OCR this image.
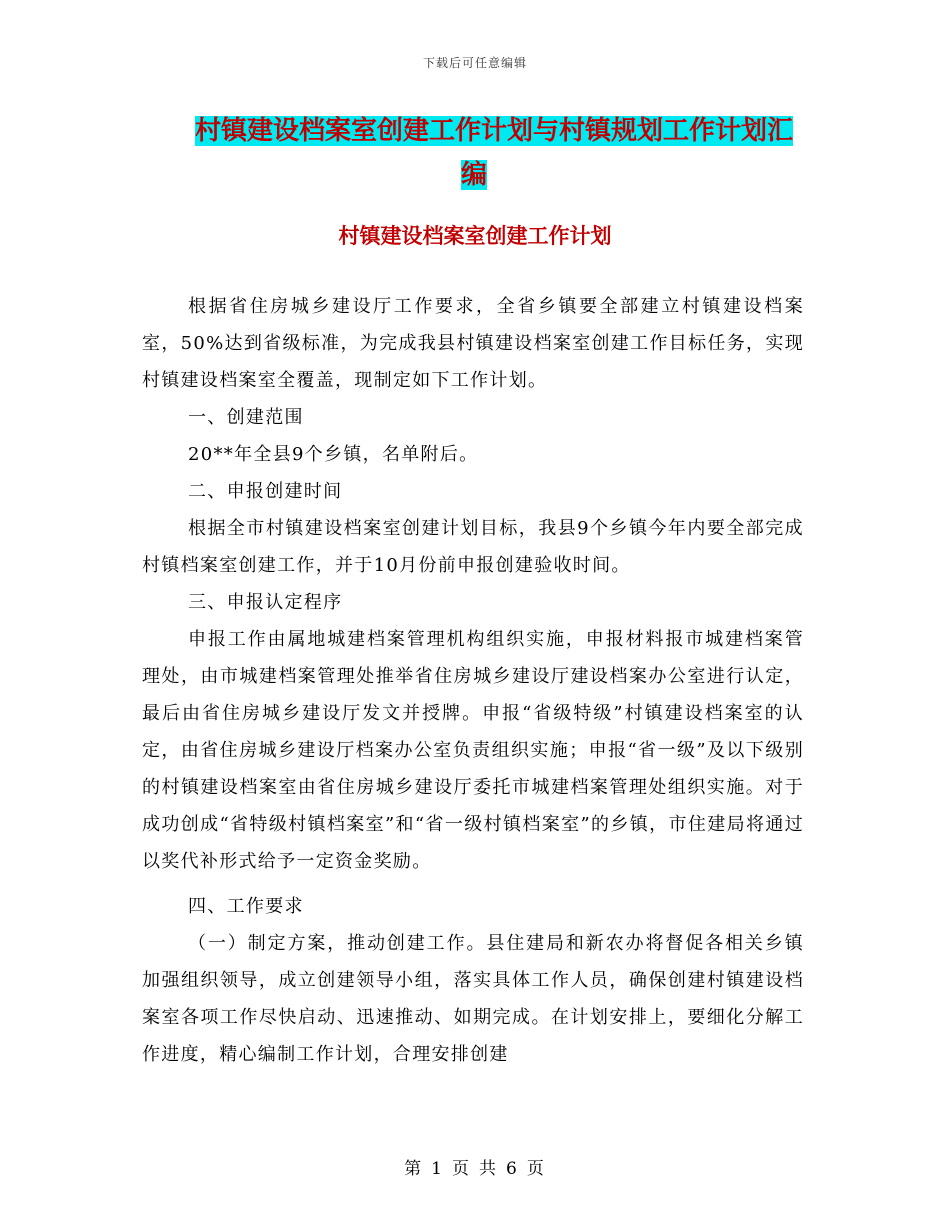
下载后可任意编辑
村镇建设档案室创建工作计划与村镇规划工作计划汇
编
村镇建设档案室创建工作计划

根据省住房城乡建设厅工作要求，全省乡镇要全部建立村镇建设档案室，50%达到省级标准，为完成我县村镇建设档案室创建工作目标任务，实现村镇建设档案室全覆盖，现制定如下工作计划。

一、创建范围

20**年全县9个乡镇，名单附后。

二、申报创建时间

根据全市村镇建设档案室创建计划目标，我县9个乡镇今年内要全部完成村镇档案室创建工作，并于10月份前申报创建验收时间。

三、申报认定程序

申报工作由属地城建档案管理机构组织实施，申报材料报市城建档案管理处，由市城建档案管理处推举省住房城乡建设厅建设档案办公室进行认定，最后由省住房城乡建设厅发文并授牌。申报“省级特级”村镇建设档案室的认定，由省住房城乡建设厅档案办公室负责组织实施；申报“省一级”及以下级别的村镇建设档案室由省住房城乡建设厅委托市城建档案管理处组织实施。对于成功创成“省特级村镇档案室”和“省一级村镇档案室”的乡镇，市住建局将通过以奖代补形式给予一定资金奖励。

四、工作要求

（一）制定方案，推动创建工作。县住建局和新农办将督促各相关乡镇加强组织领导，成立创建领导小组，落实具体工作人员，确保创建村镇建设档案室各项工作尽快启动、迅速推动、如期完成。在计划安排上，要细化分解工作进度，精心编制工作计划，合理安排创建

第 1 页 共 6 页
